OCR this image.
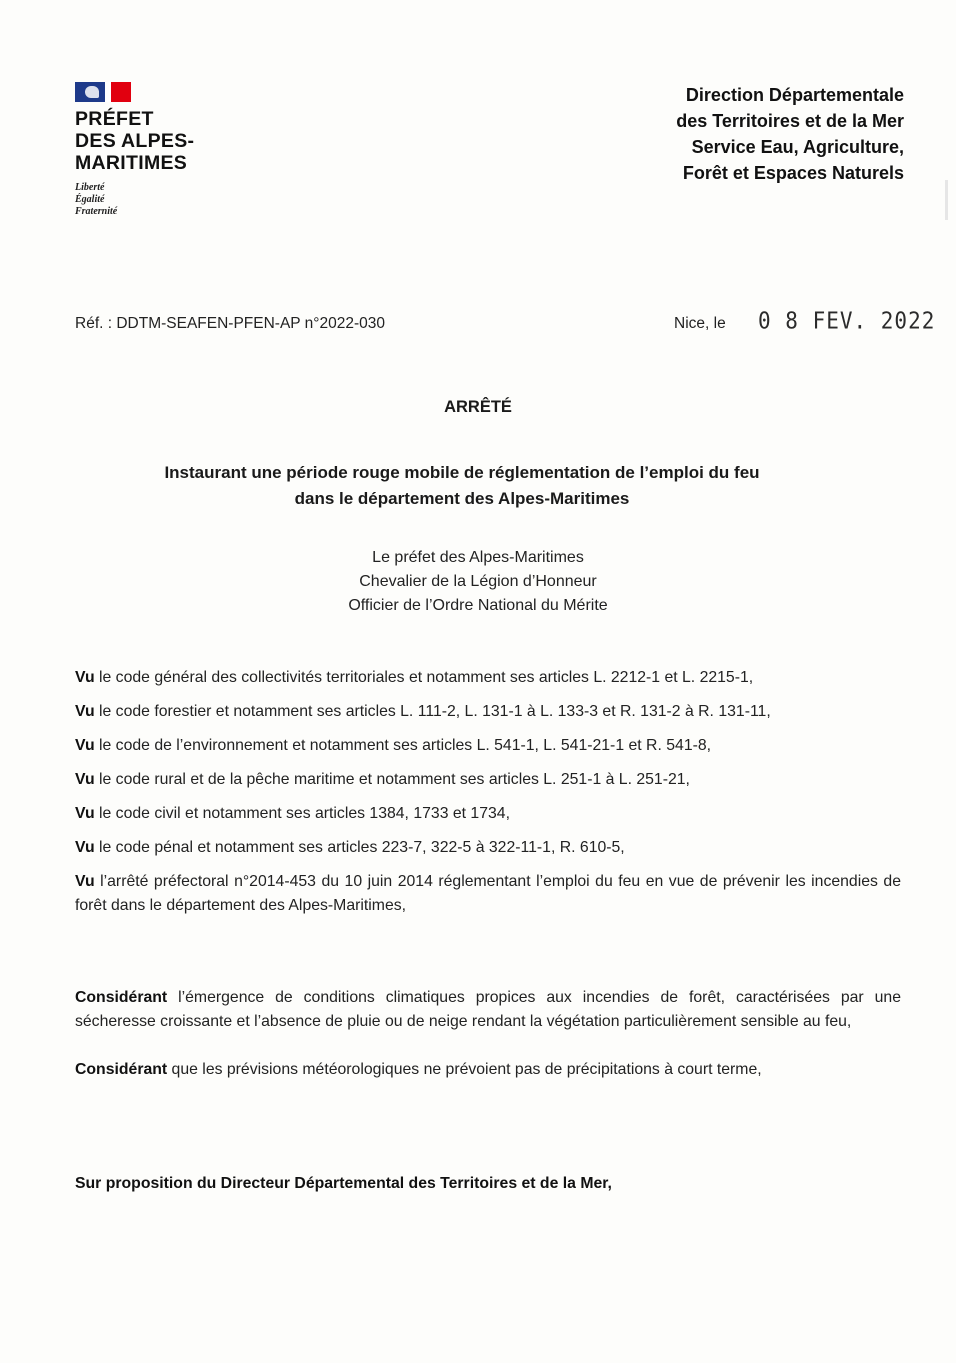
PRÉFET
DES ALPES-
MARITIMES
Liberté
Égalité
Fraternité
Direction Départementale
des Territoires et de la Mer
Service Eau, Agriculture,
Forêt et Espaces Naturels
Réf. : DDTM-SEAFEN-PFEN-AP n°2022-030	Nice, le 0 8 FEV. 2022
ARRÊTÉ
Instaurant une période rouge mobile de réglementation de l’emploi du feu
dans le département des Alpes-Maritimes
Le préfet des Alpes-Maritimes
Chevalier de la Légion d’Honneur
Officier de l’Ordre National du Mérite
Vu le code général des collectivités territoriales et notamment ses articles L. 2212-1 et L. 2215-1,
Vu le code forestier et notamment ses articles L. 111-2, L. 131-1 à L. 133-3 et R. 131-2 à R. 131-11,
Vu le code de l’environnement et notamment ses articles L. 541-1, L. 541-21-1 et R. 541-8,
Vu le code rural et de la pêche maritime et notamment ses articles L. 251-1 à L. 251-21,
Vu le code civil et notamment ses articles 1384, 1733 et 1734,
Vu le code pénal et notamment ses articles 223-7, 322-5 à 322-11-1, R. 610-5,
Vu l’arrêté préfectoral n°2014-453 du 10 juin 2014 réglementant l’emploi du feu en vue de prévenir les incendies de forêt dans le département des Alpes-Maritimes,
Considérant l’émergence de conditions climatiques propices aux incendies de forêt, caractérisées par une sécheresse croissante et l’absence de pluie ou de neige rendant la végétation particulièrement sensible au feu,
Considérant que les prévisions météorologiques ne prévoient pas de précipitations à court terme,
Sur proposition du Directeur Départemental des Territoires et de la Mer,
